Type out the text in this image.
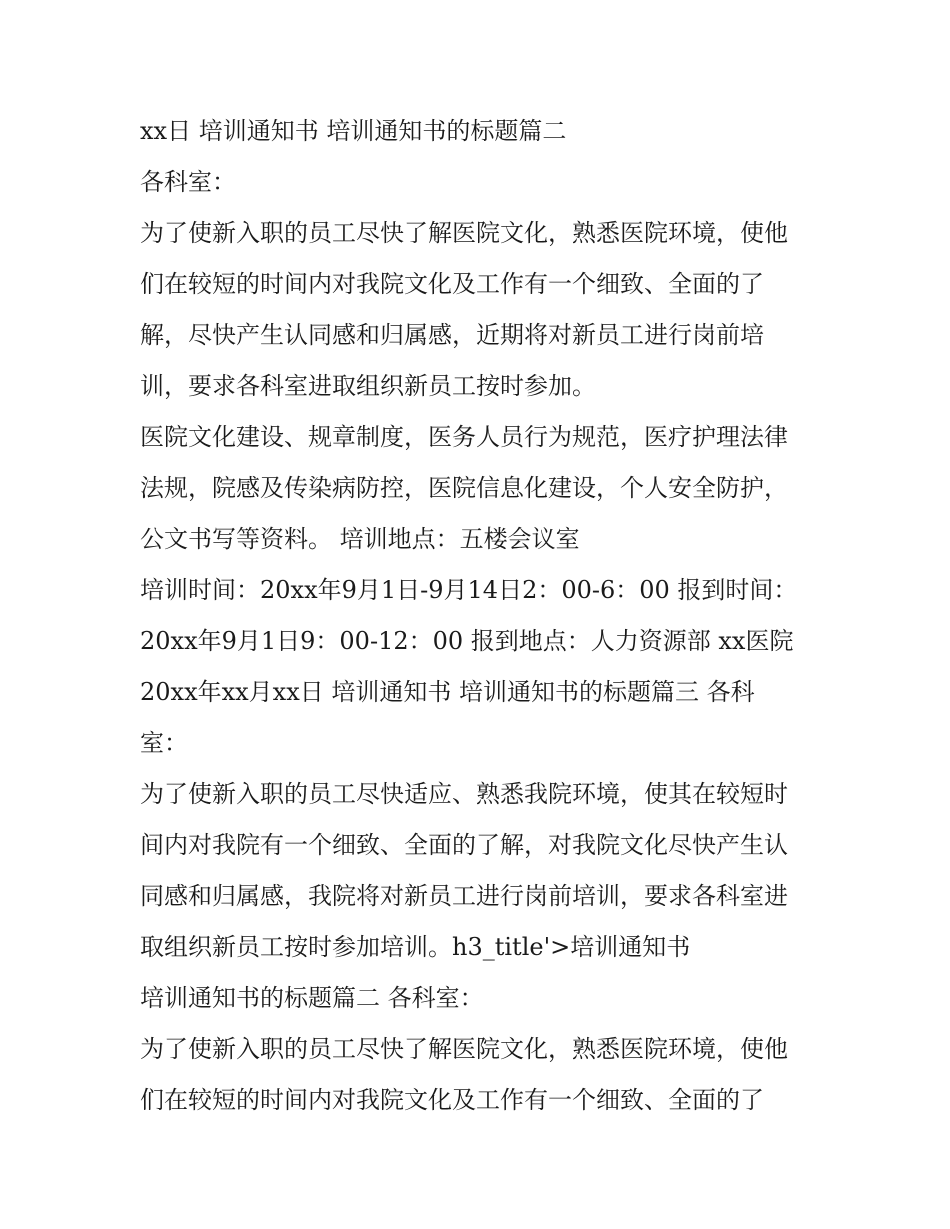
xx日 培训通知书 培训通知书的标题篇二
各科室：
为了使新入职的员工尽快了解医院文化，熟悉医院环境，使他
们在较短的时间内对我院文化及工作有一个细致、全面的了
解，尽快产生认同感和归属感，近期将对新员工进行岗前培
训，要求各科室进取组织新员工按时参加。
医院文化建设、规章制度，医务人员行为规范，医疗护理法律
法规，院感及传染病防控，医院信息化建设，个人安全防护，
公文书写等资料。 培训地点：五楼会议室
培训时间：20xx年9月1日-9月14日2：00-6：00 报到时间：
20xx年9月1日9：00-12：00 报到地点：人力资源部 xx医院
20xx年xx月xx日 培训通知书 培训通知书的标题篇三 各科
室：
为了使新入职的员工尽快适应、熟悉我院环境，使其在较短时
间内对我院有一个细致、全面的了解，对我院文化尽快产生认
同感和归属感，我院将对新员工进行岗前培训，要求各科室进
取组织新员工按时参加培训。h3_title'>培训通知书
培训通知书的标题篇二 各科室：
为了使新入职的员工尽快了解医院文化，熟悉医院环境，使他
们在较短的时间内对我院文化及工作有一个细致、全面的了
